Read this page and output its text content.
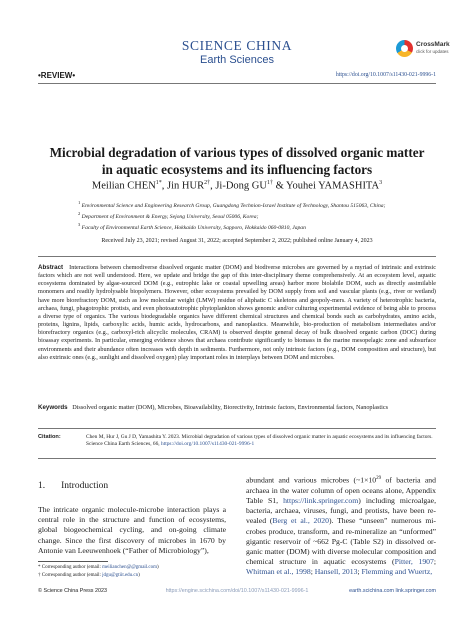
SCIENCE CHINA
Earth Sciences
CrossMark
click for updates
•REVIEW•	https://doi.org/10.1007/s11430-021-9996-1
Microbial degradation of various types of dissolved organic matter
in aquatic ecosystems and its influencing factors
Meilian $CHEN^{1*}$, Jin $HUR^{2\dagger}$, Ji-Dong $GU^{1\dagger}$ & Youhei YAMASHITA$^3$
$^1$ Environmental Science and Engineering Research Group, Guangdong Technion-Israel Institute of Technology, Shantou 515063, China;
$^2$ Department of Environment & Energy, Sejong University, Seoul 05006, Korea;
$^3$ Faculty of Environmental Earth Science, Hokkaido University, Sapporo, Hokkaido 060-0810, Japan
Received July 23, 2021; revised August 31, 2022; accepted September 2, 2022; published online January 4, 2023
Abstract Interactions between chemodiverse dissolved organic matter (DOM) and biodiverse microbes are governed by a myriad of intrinsic and extrinsic factors which are not well understood. Here, we update and bridge the gap of this inter-disciplinary theme comprehensively. At an ecosystem level, aquatic ecosystems dominated by algae-sourced DOM (e.g., eutrophic lake or coastal upwelling areas) harbor more biolabile DOM, such as directly assimilable monomers and readily hydrolysable biopolymers. However, other ecosystems prevailed by DOM supply from soil and vascular plants (e.g., river or wetland) have more biorefractory DOM, such as low molecular weight (LMW) residue of aliphatic C skeletons and geopoly-mers. A variety of heterotrophic bacteria, archaea, fungi, phagotrophic protists, and even photoautotrophic phytoplankton shows genomic and/or culturing experimental evidence of being able to process a diverse type of organics. The various biodegradable organics have different chemical structures and chemical bonds such as carbohydrates, amino acids, proteins, lignins, lipids, carboxylic acids, humic acids, hydrocarbons, and nanoplastics. Meanwhile, bio-production of metabolism intermediates and/or biorefractory organics (e.g., carboxyl-rich alicyclic molecules, CRAM) is observed despite general decay of bulk dissolved organic carbon (DOC) during bioassay experiments. In particular, emerging evidence shows that archaea contribute significantly to biomass in the marine mesopelagic zone and subsurface environments and their abundance often increases with depth in sediments. Furthermore, not only intrinsic factors (e.g., DOM composition and structure), but also extrinsic ones (e.g., sunlight and dissolved oxygen) play important roles in interplays between DOM and microbes.
Keywords Dissolved organic matter (DOM), Microbes, Bioavailability, Biorectivity, Intrinsic factors, Environmental factors, Nanoplastics
Citation:	Chen M, Hur J, Gu J D, Yamashita Y. 2023. Microbial degradation of various types of dissolved organic matter in aquatic ecosystems and its influencing factors. Science China Earth Sciences, 66, https://doi.org/10.1007/s11430-021-9996-1
1. Introduction
The intricate organic molecule-microbe interaction plays a central role in the structure and function of ecosystems, global biogeochemical cycling, and on-going climate change. Since the first discovery of microbes in 1670 by Antonie van Leeuwenhoek (“Father of Microbiology”),
abundant and various microbes ($\sim 1\times 10^{29}$ of bacteria and archaea in the water column of open oceans alone, Appendix Table S1, https://link.springer.com) including microalgae, bacteria, archaea, viruses, fungi, and protists, have been re-vealed (Berg et al., 2020). These “unseen” numerous mi-crobes produce, transform, and re-mineralize an “unformed” gigantic reservoir of ~662 Pg-C (Table S2) in dissolved or-ganic matter (DOM) with diverse molecular composition and chemical structure in aquatic ecosystems (Pitter, 1907; Whitman et al., 1998; Hansell, 2013; Flemming and Wuertz,
* Corresponding author (email: meilianchen@@gmail.com)
† Corresponding author (email: jdgu@gtiit.edu.cn)
© Science China Press 2023	https://engine.scichina.com/doi/10.1007/s11430-021-9996-1	earth.scichina.com link.springer.com
